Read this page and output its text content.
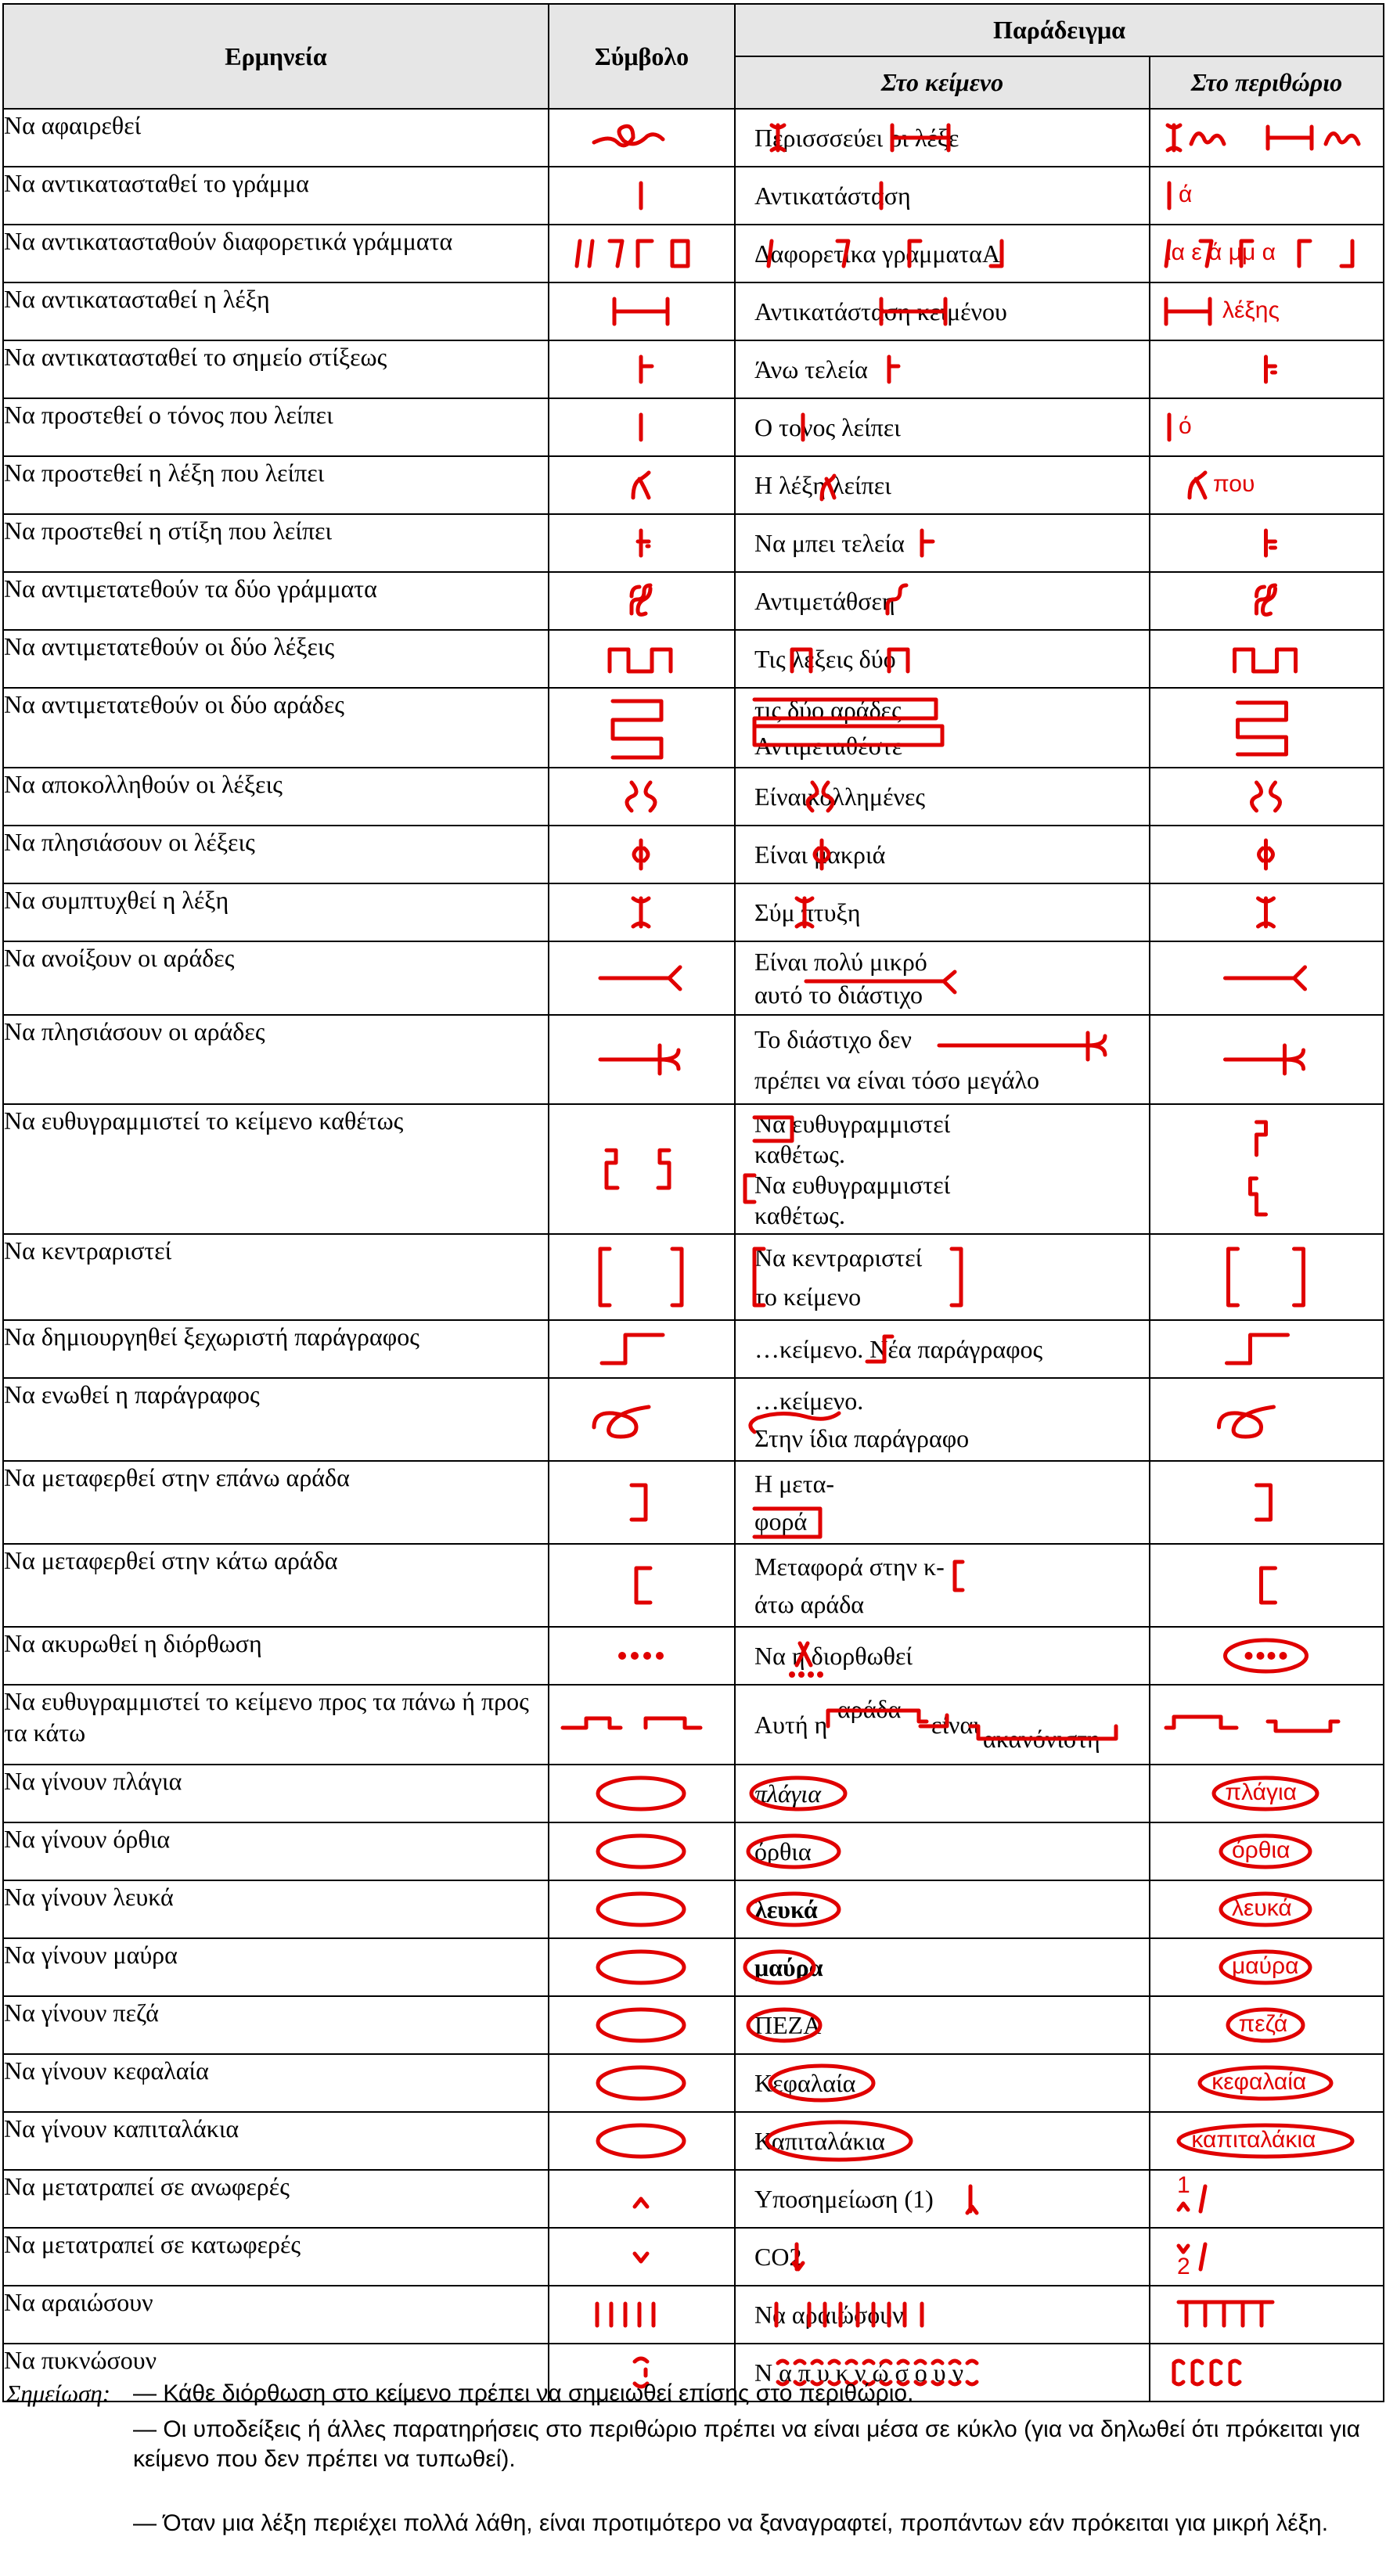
Ερμηνεία	Σύμβολο	Παράδειγμα	
		Στο κείμενο	Στο περιθώριο
Να αφαιρεθεί		Περισσσεύει οι λέξε

Να αντικατασταθεί το γράμμα		Αντικατάσταση	ά

Να αντικατασταθούν διαφορετικά γράμματα		Δαφορετικα γραμματαΑ	ια ε ά μμ α

Να αντικατασταθεί η λέξη		Αντικατάσταση κειμένου	λέξης

Να αντικατασταθεί το σημείο στίξεως		Άνω τελεία

Να προστεθεί ο τόνος που λείπει		Ο τονος λείπει	ό

Να προστεθεί η λέξη που λείπει		Η λέξη λείπει	που

Να προστεθεί η στίξη που λείπει		Να μπει τελεία

Να αντιμετατεθούν τα δύο γράμματα		Αντιμετάθσεη

Να αντιμετατεθούν οι δύο λέξεις		Τις λέξεις δύο

Να αντιμετατεθούν οι δύο αράδες		τις δύο αράδες
Αντιμεταθέστε

Να αποκολληθούν οι λέξεις		Είναικολλημένες

Να πλησιάσουν οι λέξεις		Είναι μακριά

Να συμπτυχθεί η λέξη		Σύμ πτυξη

Να ανοίξουν οι αράδες		Είναι πολύ μικρό
αυτό το διάστιχο

Να πλησιάσουν οι αράδες		Το διάστιχο δεν
πρέπει να είναι τόσο μεγάλο

Να ευθυγραμμιστεί το κείμενο καθέτως		Να ευθυγραμμιστεί
καθέτως.
Να ευθυγραμμιστεί
καθέτως.

Να κεντραριστεί		Να κεντραριστεί
το κείμενο

Να δημιουργηθεί ξεχωριστή παράγραφος		…κείμενο. Νέα παράγραφος

Να ενωθεί η παράγραφος		…κείμενο.
Στην ίδια παράγραφο

Να μεταφερθεί στην επάνω αράδα		Η μετα-
φορά

Να μεταφερθεί στην κάτω αράδα		Μεταφορά στην κ-
άτω αράδα

Να ακυρωθεί η διόρθωση		Να η διορθωθεί

Να ευθυγραμμιστεί το κείμενο προς τα πάνω ή προς τα κάτω		Αυτή η
αράδα
είναι ακανόνιστη

Να γίνουν πλάγια		πλάγια	πλάγια

Να γίνουν όρθια		όρθια	όρθια

Να γίνουν λευκά		λευκά	λευκά

Να γίνουν μαύρα		μαύρα	μαύρα

Να γίνουν πεζά		ΠΕΖΑ	πεζά

Να γίνουν κεφαλαία		Κεφαλαία	κεφαλαία

Να γίνουν καπιταλάκια		Καπιταλάκια	καπιταλάκια

Να μετατραπεί σε ανωφερές		Υποσημείωση (1)	1

Να μετατραπεί σε κατωφερές		CO2	2

Να αραιώσουν		Να αραιώσουν

Να πυκνώσουν		Ν α π υ κ ν ώ σ ο υ ν

Σημείωση: — Κάθε διόρθωση στο κείμενο πρέπει να σημειωθεί επίσης στο περιθώριο.
— Οι υποδείξεις ή άλλες παρατηρήσεις στο περιθώριο πρέπει να είναι μέσα σε κύκλο (για να δηλωθεί ότι πρόκειται για κείμενο που δεν πρέπει να τυπωθεί).
— Όταν μια λέξη περιέχει πολλά λάθη, είναι προτιμότερο να ξαναγραφτεί, προπάντων εάν πρόκειται για μικρή λέξη.
